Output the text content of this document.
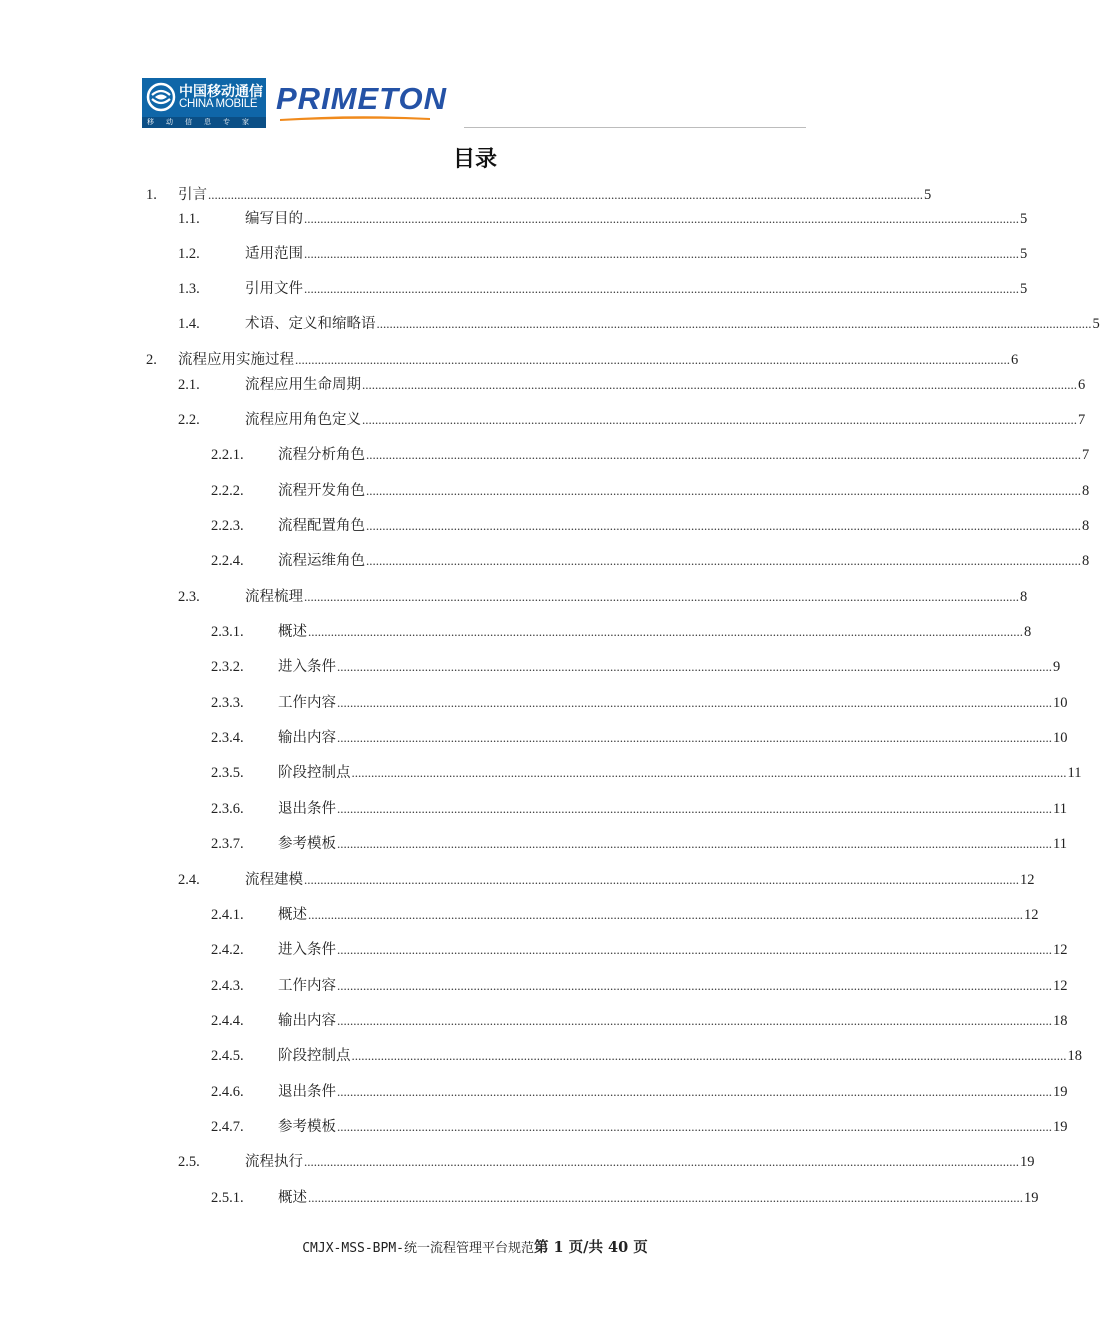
中国移动通信
CHINA MOBILE
移动信息专家
PRIMETON
目录
1. 引言 ............................................................................................................................................................................................................................ 5
1.1.	编写目的 ............................................................................................................................................................................................................................ 5
1.2.	适用范围 ............................................................................................................................................................................................................................ 5
1.3.	引用文件 ............................................................................................................................................................................................................................ 5
1.4.	术语、定义和缩略语 ............................................................................................................................................................................................................................ 5
2. 流程应用实施过程 ............................................................................................................................................................................................................................ 6
2.1.	流程应用生命周期 ............................................................................................................................................................................................................................ 6
2.2.	流程应用角色定义 ............................................................................................................................................................................................................................ 7
2.2.1. 流程分析角色 ............................................................................................................................................................................................................................ 7
2.2.2. 流程开发角色 ............................................................................................................................................................................................................................ 8
2.2.3. 流程配置角色 ............................................................................................................................................................................................................................ 8
2.2.4. 流程运维角色 ............................................................................................................................................................................................................................ 8
2.3.	流程梳理 ............................................................................................................................................................................................................................ 8
2.3.1. 概述 ............................................................................................................................................................................................................................ 8
2.3.2. 进入条件 ............................................................................................................................................................................................................................ 9
2.3.3. 工作内容 ............................................................................................................................................................................................................................ 10
2.3.4. 输出内容 ............................................................................................................................................................................................................................ 10
2.3.5. 阶段控制点 ............................................................................................................................................................................................................................ 11
2.3.6. 退出条件 ............................................................................................................................................................................................................................ 11
2.3.7. 参考模板 ............................................................................................................................................................................................................................ 11
2.4.	流程建模 ............................................................................................................................................................................................................................ 12
2.4.1. 概述 ............................................................................................................................................................................................................................ 12
2.4.2. 进入条件 ............................................................................................................................................................................................................................ 12
2.4.3. 工作内容 ............................................................................................................................................................................................................................ 12
2.4.4. 输出内容 ............................................................................................................................................................................................................................ 18
2.4.5. 阶段控制点 ............................................................................................................................................................................................................................ 18
2.4.6. 退出条件 ............................................................................................................................................................................................................................ 19
2.4.7. 参考模板 ............................................................................................................................................................................................................................ 19
2.5.	流程执行 ............................................................................................................................................................................................................................ 19
2.5.1. 概述 ............................................................................................................................................................................................................................ 19
CMJX-MSS-BPM-统一流程管理平台规范第 1 页/共 40 页
